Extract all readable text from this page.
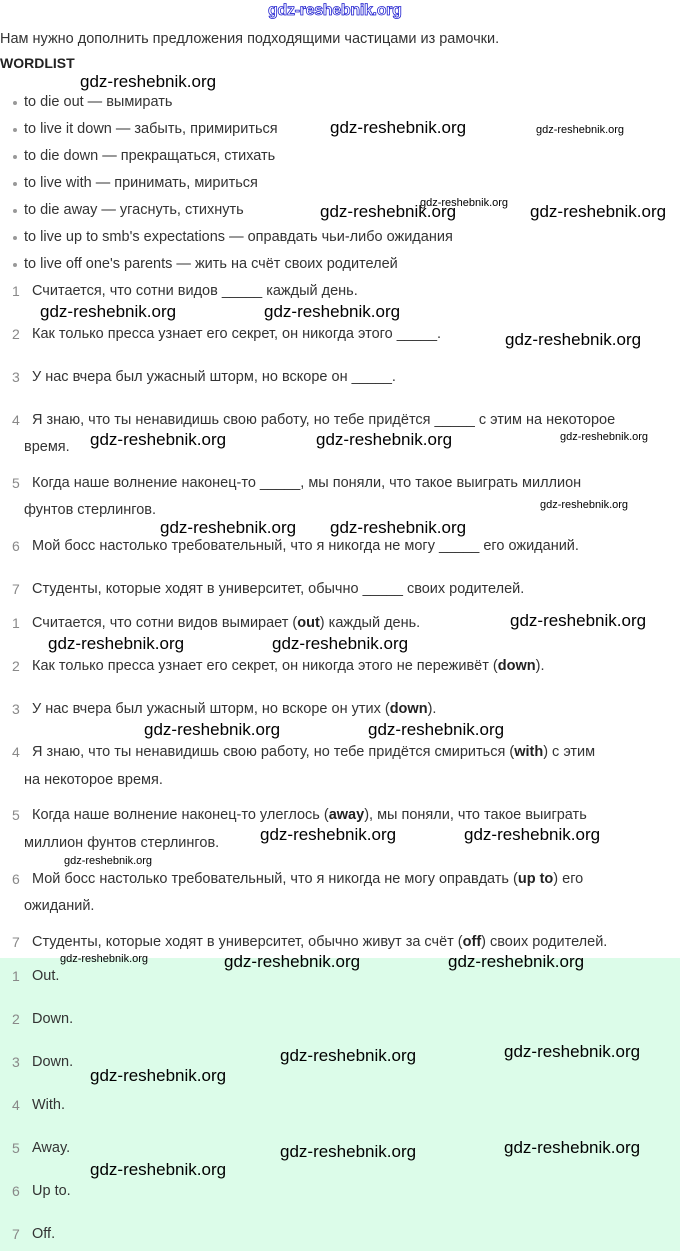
gdz-reshebnik.org
Нам нужно дополнить предложения подходящими частицами из рамочки.
WORDLIST
to die out — вымирать
to live it down — забыть, примириться
to die down — прекращаться, стихать
to live with — принимать, мириться
to die away — угаснуть, стихнуть
to live up to smb's expectations — оправдать чьи-либо ожидания
to live off one's parents — жить на счёт своих родителей
1 Считается, что сотни видов _____ каждый день.
2 Как только пресса узнает его секрет, он никогда этого _____.
3 У нас вчера был ужасный шторм, но вскоре он _____.
4 Я знаю, что ты ненавидишь свою работу, но тебе придётся _____ с этим на некоторое
время.
5 Когда наше волнение наконец-то _____, мы поняли, что такое выиграть миллион
фунтов стерлингов.
6 Мой босс настолько требовательный, что я никогда не могу _____ его ожиданий.
7 Студенты, которые ходят в университет, обычно _____ своих родителей.
1 Считается, что сотни видов вымирает (out) каждый день.
2 Как только пресса узнает его секрет, он никогда этого не переживёт (down).
3 У нас вчера был ужасный шторм, но вскоре он утих (down).
4 Я знаю, что ты ненавидишь свою работу, но тебе придётся смириться (with) с этим
на некоторое время.
5 Когда наше волнение наконец-то улеглось (away), мы поняли, что такое выиграть
миллион фунтов стерлингов.
6 Мой босс настолько требовательный, что я никогда не могу оправдать (up to) его
ожиданий.
7 Студенты, которые ходят в университет, обычно живут за счёт (off) своих родителей.
1 Out.
2 Down.
3 Down.
4 With.
5 Away.
6 Up to.
7 Off.
gdz-reshebnik.org
gdz-reshebnik.org
gdz-reshebnik.org	gdz-reshebnik.org
gdz-reshebnik.org	gdz-reshebnik.org
gdz-reshebnik.org
gdz-reshebnik.org	gdz-reshebnik.org
gdz-reshebnik.org gdz-reshebnik.org
gdz-reshebnik.org	gdz-reshebnik.org
gdz-reshebnik.org
gdz-reshebnik.org	gdz-reshebnik.org
gdz-reshebnik.org	gdz-reshebnik.org
gdz-reshebnik.org	gdz-reshebnik.org
gdz-reshebnik.org	gdz-reshebnik.org
gdz-reshebnik.org
gdz-reshebnik.org	gdz-reshebnik.org
gdz-reshebnik.org
gdz-reshebnik.org
gdz-reshebnik.org
gdz-reshebnik.org
gdz-reshebnik.org
gdz-reshebnik.org
gdz-reshebnik.org
